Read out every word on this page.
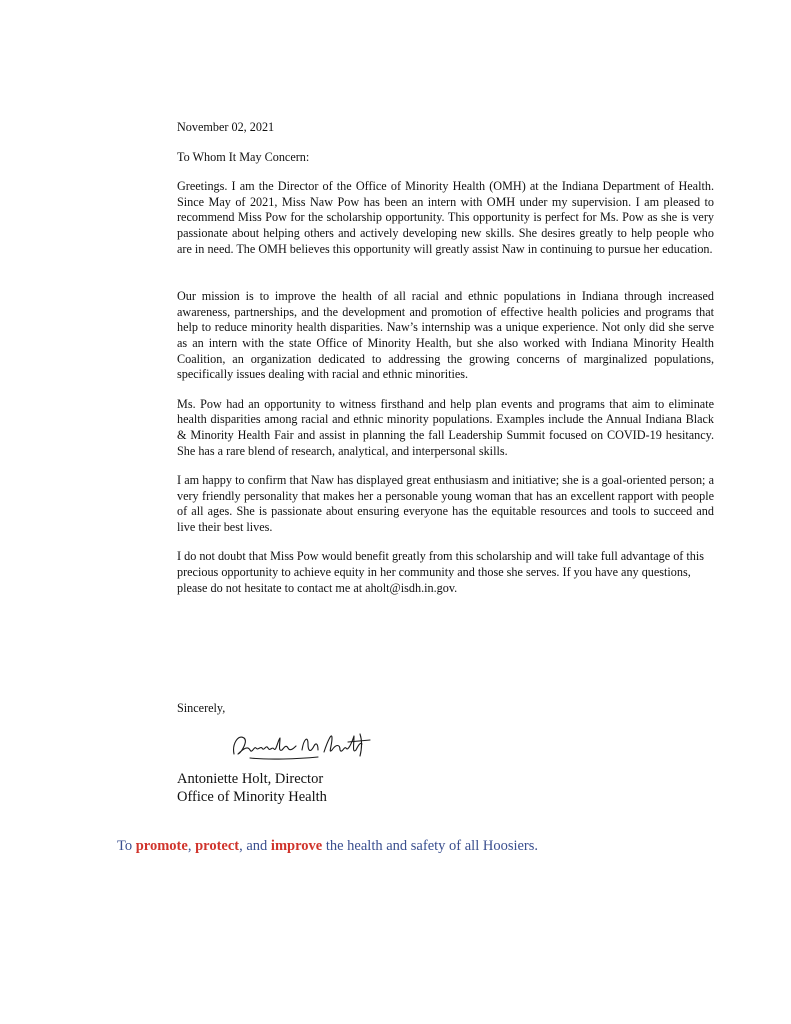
November 02, 2021

To Whom It May Concern:

Greetings. I am the Director of the Office of Minority Health (OMH) at the Indiana Department of Health. Since May of 2021, Miss Naw Pow has been an intern with OMH under my supervision. I am pleased to recommend Miss Pow for the scholarship opportunity. This opportunity is perfect for Ms. Pow as she is very passionate about helping others and actively developing new skills. She desires greatly to help people who are in need. The OMH believes this opportunity will greatly assist Naw in continuing to pursue her education.

Our mission is to improve the health of all racial and ethnic populations in Indiana through increased awareness, partnerships, and the development and promotion of effective health policies and programs that help to reduce minority health disparities. Naw’s internship was a unique experience. Not only did she serve as an intern with the state Office of Minority Health, but she also worked with Indiana Minority Health Coalition, an organization dedicated to addressing the growing concerns of marginalized populations, specifically issues dealing with racial and ethnic minorities.

Ms. Pow had an opportunity to witness firsthand and help plan events and programs that aim to eliminate health disparities among racial and ethnic minority populations. Examples include the Annual Indiana Black & Minority Health Fair and assist in planning the fall Leadership Summit focused on COVID-19 hesitancy. She has a rare blend of research, analytical, and interpersonal skills.

I am happy to confirm that Naw has displayed great enthusiasm and initiative; she is a goal-oriented person; a very friendly personality that makes her a personable young woman that has an excellent rapport with people of all ages. She is passionate about ensuring everyone has the equitable resources and tools to succeed and live their best lives.

I do not doubt that Miss Pow would benefit greatly from this scholarship and will take full advantage of this precious opportunity to achieve equity in her community and those she serves. If you have any questions, please do not hesitate to contact me at aholt@isdh.in.gov.

Sincerely,
Antoniette Holt, Director
Office of Minority Health
To promote, protect, and improve the health and safety of all Hoosiers.
